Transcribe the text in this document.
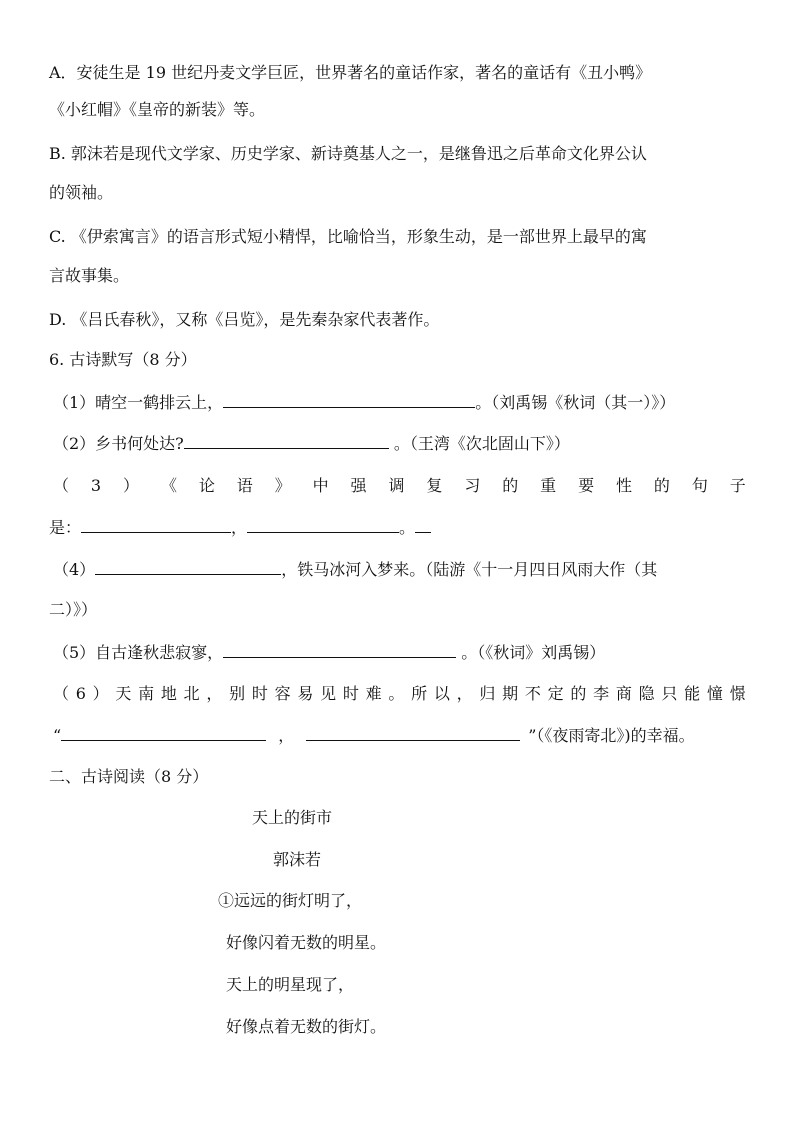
A．安徒生是 19 世纪丹麦文学巨匠，世界著名的童话作家，著名的童话有《丑小鸭》
《小红帽》《皇帝的新装》等。
B. 郭沫若是现代文学家、历史学家、新诗奠基人之一，是继鲁迅之后革命文化界公认
的领袖。
C. 《伊索寓言》的语言形式短小精悍，比喻恰当，形象生动，是一部世界上最早的寓
言故事集。
D. 《吕氏春秋》，又称《吕览》，是先秦杂家代表著作。
6. 古诗默写（8 分）
（1）晴空一鹤排云上，	。（刘禹锡《秋词（其一）》）
（2）乡书何处达?	。（王湾《次北固山下》）
（ 3 ） 《 论 语 》 中 强 调 复 习 的 重 要 性 的 句 子
是：	，	。
（4）	，铁马冰河入梦来。（陆游《十一月四日风雨大作（其
二）》）
（5）自古逢秋悲寂寥，	。（《秋词》刘禹锡）
（ 6 ） 天 南 地 北 ， 别 时 容 易 见 时 难 。 所 以 ， 归 期 不 定 的 李 商 隐 只 能 憧 憬
“	，	”（《夜雨寄北》)的幸福。
二、古诗阅读（8 分）
天上的街市
郭沫若
①远远的街灯明了，
好像闪着无数的明星。
天上的明星现了，
好像点着无数的街灯。
